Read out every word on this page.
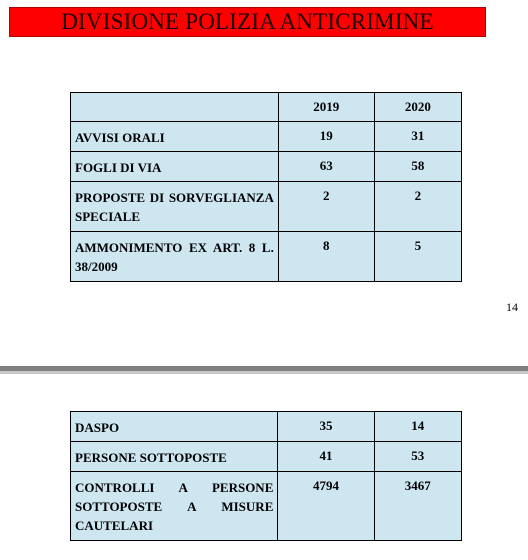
DIVISIONE POLIZIA ANTICRIMINE
	2019	2020
AVVISI ORALI	19	31
FOGLI DI VIA	63	58
PROPOSTE DI SORVEGLIANZA SPECIALE	2	2
AMMONIMENTO EX ART. 8 L. 38/2009	8	5
14
DASPO	35	14
PERSONE SOTTOPOSTE	41	53
CONTROLLI A PERSONE SOTTOPOSTE A MISURE CAUTELARI	4794	3467
